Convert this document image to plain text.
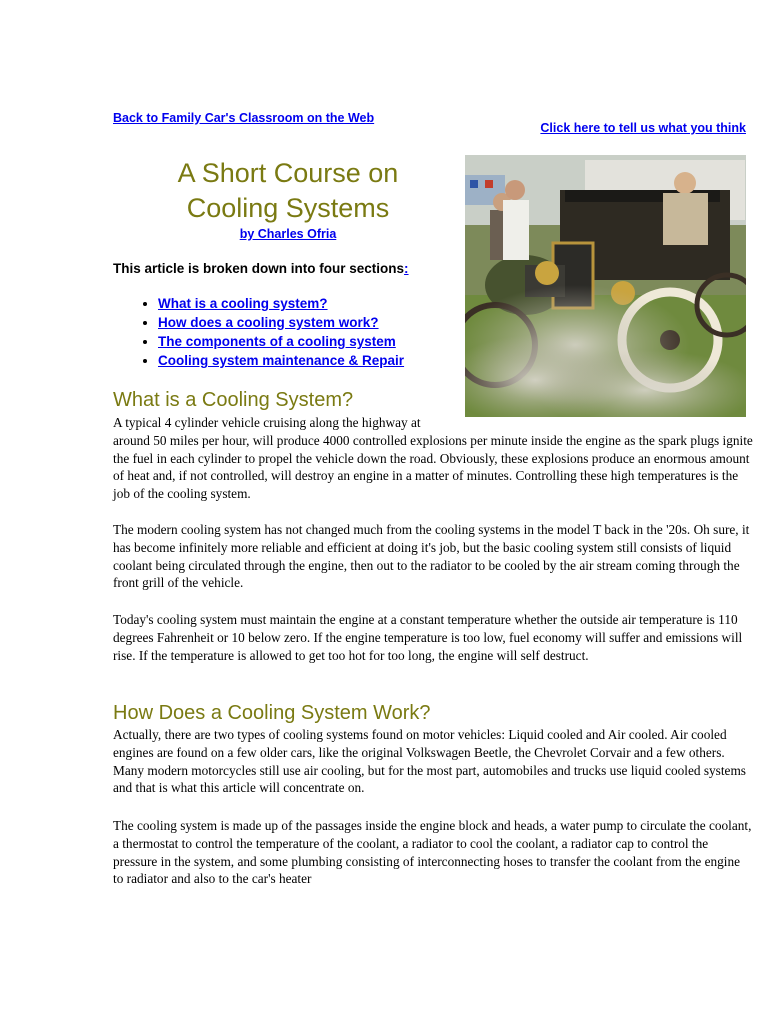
Back to Family Car's Classroom on the Web
Click here to tell us what you think
A Short Course on
Cooling Systems
by Charles Ofria
This article is broken down into four sections:
• What is a cooling system?
• How does a cooling system work?
• The components of a cooling system
• Cooling system maintenance & Repair
What is a Cooling System?

A typical 4 cylinder vehicle cruising along the highway at
around 50 miles per hour, will produce 4000 controlled explosions per minute inside the engine as the spark plugs ignite the fuel in each cylinder to propel the vehicle down the road. Obviously, these explosions produce an enormous amount of heat and, if not controlled, will destroy an engine in a matter of minutes. Controlling these high temperatures is the job of the cooling system.

The modern cooling system has not changed much from the cooling systems in the model T back in the '20s. Oh sure, it has become infinitely more reliable and efficient at doing it's job, but the basic cooling system still consists of liquid coolant being circulated through the engine, then out to the radiator to be cooled by the air stream coming through the front grill of the vehicle.

Today's cooling system must maintain the engine at a constant temperature whether the outside air temperature is 110 degrees Fahrenheit or 10 below zero. If the engine temperature is too low, fuel economy will suffer and emissions will rise. If the temperature is allowed to get too hot for too long, the engine will self destruct.

How Does a Cooling System Work?

Actually, there are two types of cooling systems found on motor vehicles: Liquid cooled and Air cooled. Air cooled engines are found on a few older cars, like the original Volkswagen Beetle, the Chevrolet Corvair and a few others. Many modern motorcycles still use air cooling, but for the most part, automobiles and trucks use liquid cooled systems and that is what this article will concentrate on.

The cooling system is made up of the passages inside the engine block and heads, a water pump to circulate the coolant, a thermostat to control the temperature of the coolant, a radiator to cool the coolant, a radiator cap to control the pressure in the system, and some plumbing consisting of interconnecting hoses to transfer the coolant from the engine to radiator and also to the car's heater
